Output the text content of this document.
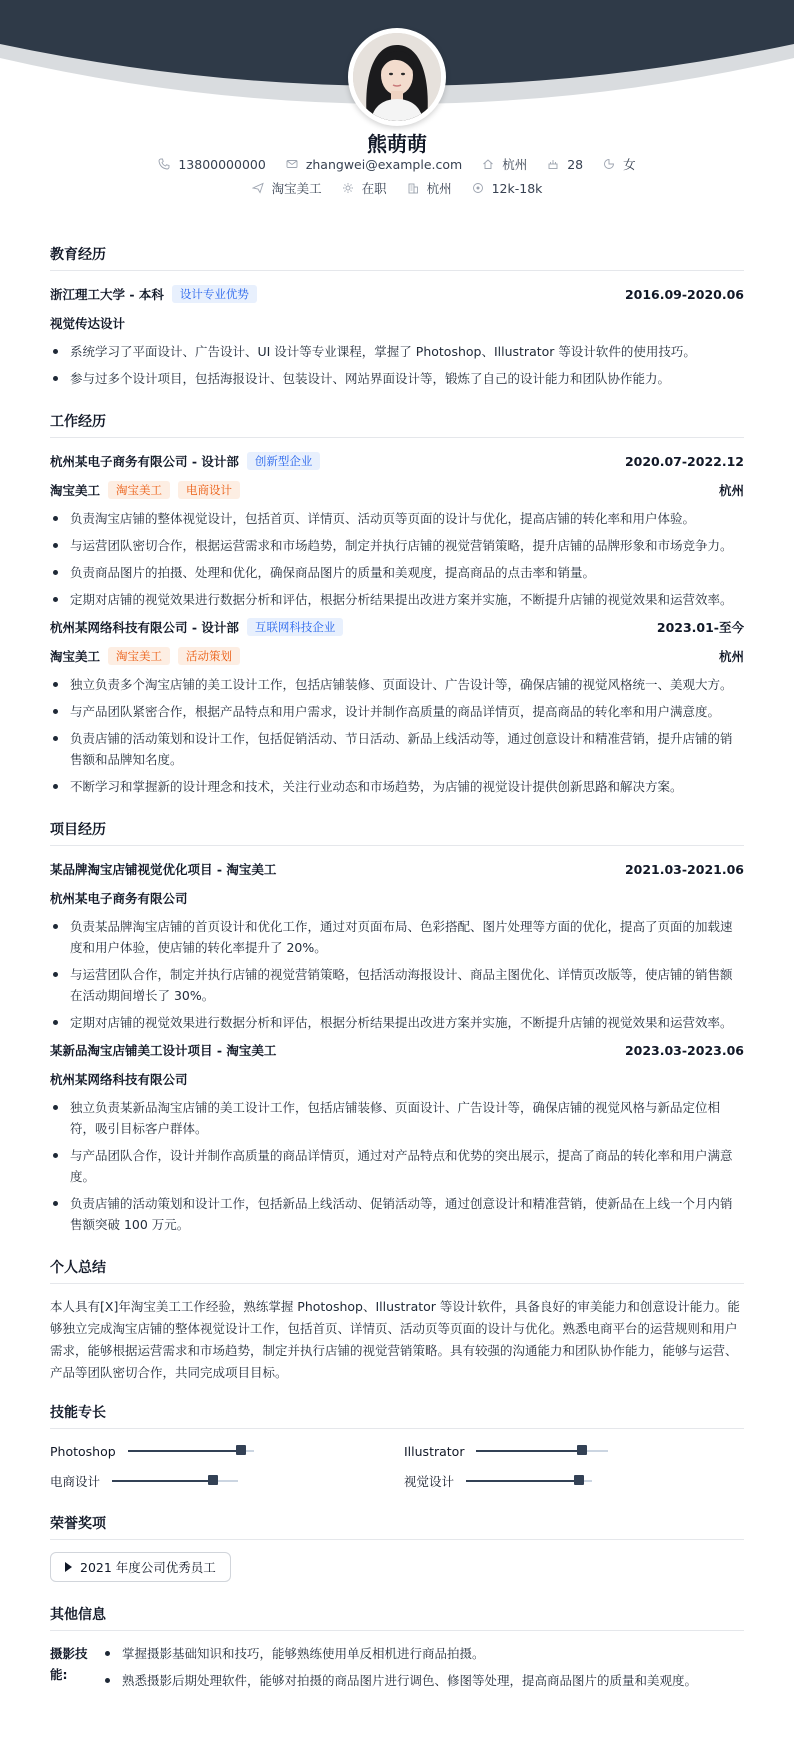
熊萌萌
13800000000	zhangwei@example.com	杭州	28	女
淘宝美工	在职	杭州	12k-18k
教育经历
浙江理工大学 - 本科	设计专业优势	2016.09-2020.06
视觉传达设计
系统学习了平面设计、广告设计、UI 设计等专业课程，掌握了 Photoshop、Illustrator 等设计软件的使用技巧。
参与过多个设计项目，包括海报设计、包装设计、网站界面设计等，锻炼了自己的设计能力和团队协作能力。
工作经历
杭州某电子商务有限公司 - 设计部	创新型企业	2020.07-2022.12
淘宝美工	淘宝美工	电商设计	杭州
负责淘宝店铺的整体视觉设计，包括首页、详情页、活动页等页面的设计与优化，提高店铺的转化率和用户体验。
与运营团队密切合作，根据运营需求和市场趋势，制定并执行店铺的视觉营销策略，提升店铺的品牌形象和市场竞争力。
负责商品图片的拍摄、处理和优化，确保商品图片的质量和美观度，提高商品的点击率和销量。
定期对店铺的视觉效果进行数据分析和评估，根据分析结果提出改进方案并实施，不断提升店铺的视觉效果和运营效率。
杭州某网络科技有限公司 - 设计部	互联网科技企业	2023.01-至今
淘宝美工	淘宝美工	活动策划	杭州
独立负责多个淘宝店铺的美工设计工作，包括店铺装修、页面设计、广告设计等，确保店铺的视觉风格统一、美观大方。
与产品团队紧密合作，根据产品特点和用户需求，设计并制作高质量的商品详情页，提高商品的转化率和用户满意度。
负责店铺的活动策划和设计工作，包括促销活动、节日活动、新品上线活动等，通过创意设计和精准营销，提升店铺的销售额和品牌知名度。
不断学习和掌握新的设计理念和技术，关注行业动态和市场趋势，为店铺的视觉设计提供创新思路和解决方案。
项目经历
某品牌淘宝店铺视觉优化项目 - 淘宝美工	2021.03-2021.06
杭州某电子商务有限公司
负责某品牌淘宝店铺的首页设计和优化工作，通过对页面布局、色彩搭配、图片处理等方面的优化，提高了页面的加载速度和用户体验，使店铺的转化率提升了 20%。
与运营团队合作，制定并执行店铺的视觉营销策略，包括活动海报设计、商品主图优化、详情页改版等，使店铺的销售额在活动期间增长了 30%。
定期对店铺的视觉效果进行数据分析和评估，根据分析结果提出改进方案并实施，不断提升店铺的视觉效果和运营效率。
某新品淘宝店铺美工设计项目 - 淘宝美工	2023.03-2023.06
杭州某网络科技有限公司
独立负责某新品淘宝店铺的美工设计工作，包括店铺装修、页面设计、广告设计等，确保店铺的视觉风格与新品定位相符，吸引目标客户群体。
与产品团队合作，设计并制作高质量的商品详情页，通过对产品特点和优势的突出展示，提高了商品的转化率和用户满意度。
负责店铺的活动策划和设计工作，包括新品上线活动、促销活动等，通过创意设计和精准营销，使新品在上线一个月内销售额突破 100 万元。
个人总结

本人具有[X]年淘宝美工工作经验，熟练掌握 Photoshop、Illustrator 等设计软件，具备良好的审美能力和创意设计能力。能够独立完成淘宝店铺的整体视觉设计工作，包括首页、详情页、活动页等页面的设计与优化。熟悉电商平台的运营规则和用户需求，能够根据运营需求和市场趋势，制定并执行店铺的视觉营销策略。具有较强的沟通能力和团队协作能力，能够与运营、产品等团队密切合作，共同完成项目目标。

技能专长
Photoshop	Illustrator
电商设计	视觉设计
荣誉奖项
2021 年度公司优秀员工
其他信息
摄影技能:
掌握摄影基础知识和技巧，能够熟练使用单反相机进行商品拍摄。
熟悉摄影后期处理软件，能够对拍摄的商品图片进行调色、修图等处理，提高商品图片的质量和美观度。
